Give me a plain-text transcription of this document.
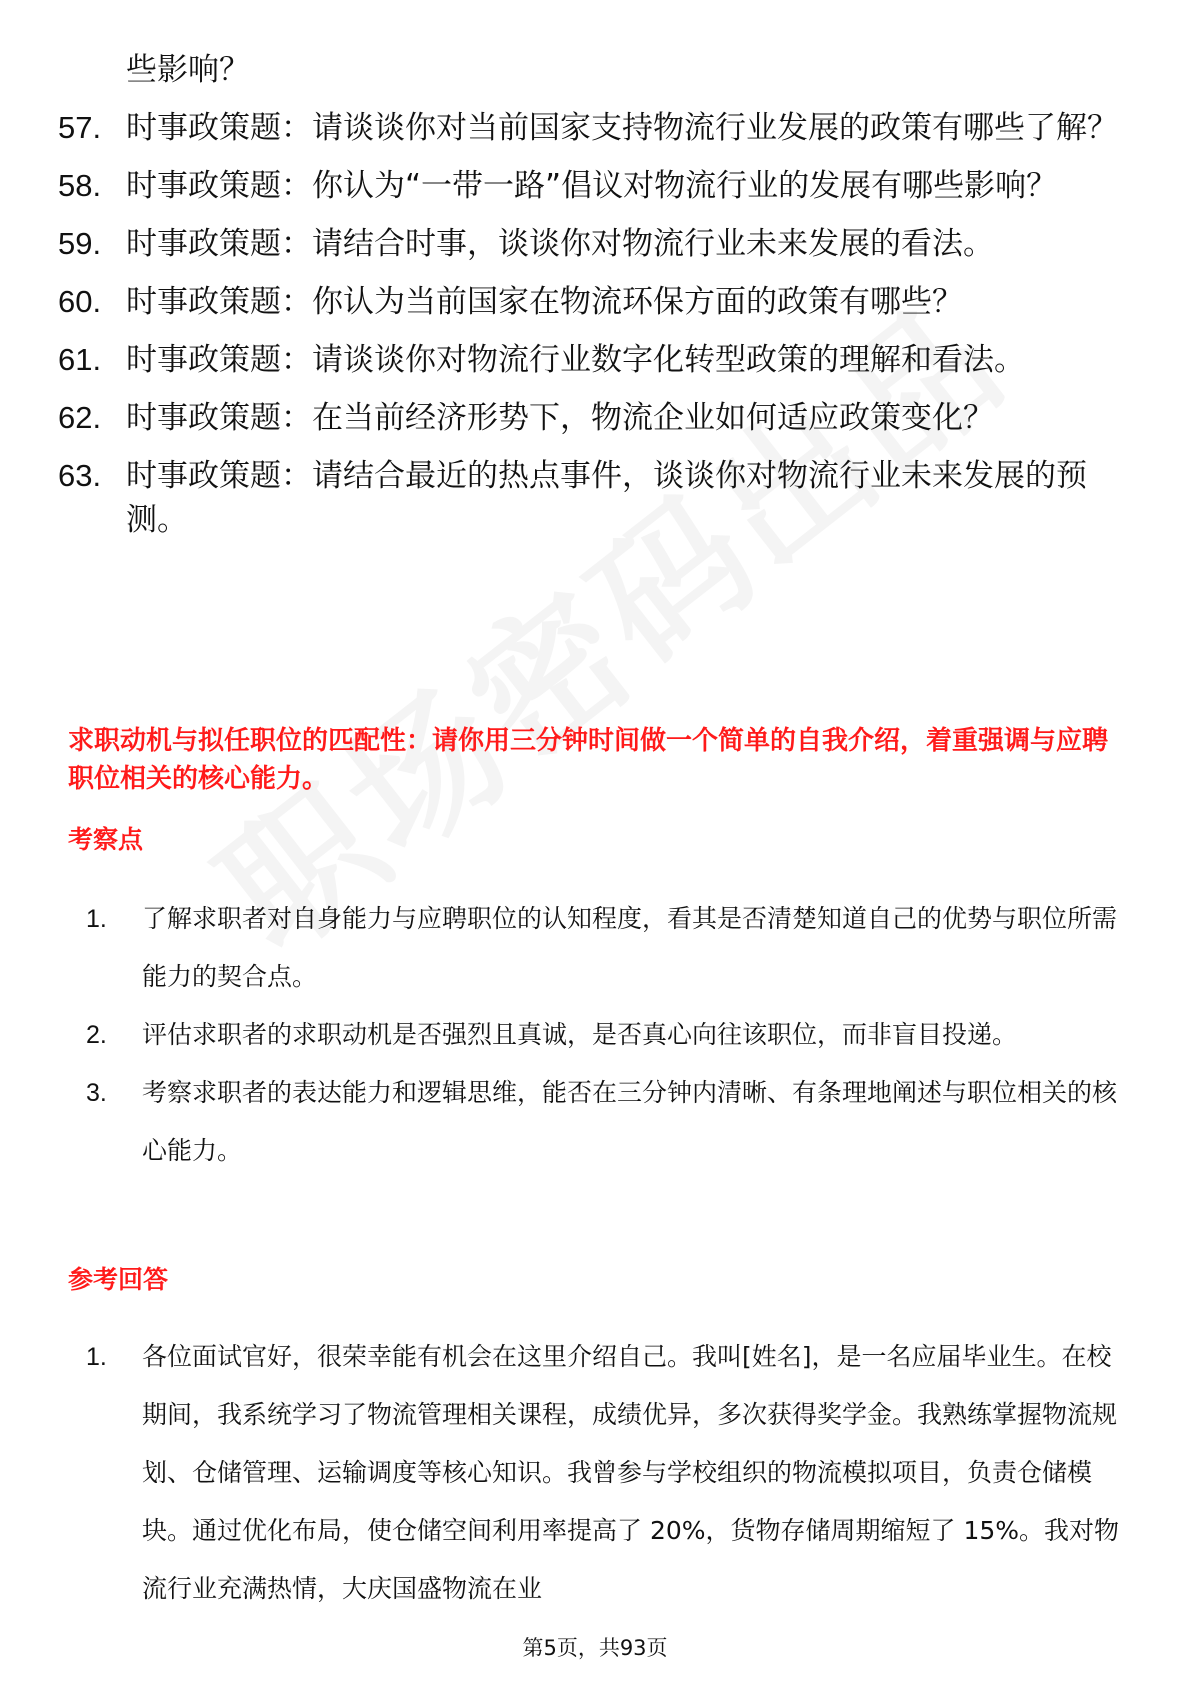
些影响？
57. 时事政策题：请谈谈你对当前国家支持物流行业发展的政策有哪些了解？
58. 时事政策题：你认为“一带一路”倡议对物流行业的发展有哪些影响？
59. 时事政策题：请结合时事，谈谈你对物流行业未来发展的看法。
60. 时事政策题：你认为当前国家在物流环保方面的政策有哪些？
61. 时事政策题：请谈谈你对物流行业数字化转型政策的理解和看法。
62. 时事政策题：在当前经济形势下，物流企业如何适应政策变化？
63. 时事政策题：请结合最近的热点事件，谈谈你对物流行业未来发展的预测。
求职动机与拟任职位的匹配性：请你用三分钟时间做一个简单的自我介绍，着重强调与应聘职位相关的核心能力。
考察点
1.	了解求职者对自身能力与应聘职位的认知程度，看其是否清楚知道自己的优势与职位所需能力的契合点。
2.	评估求职者的求职动机是否强烈且真诚，是否真心向往该职位，而非盲目投递。
3.	考察求职者的表达能力和逻辑思维，能否在三分钟内清晰、有条理地阐述与职位相关的核心能力。
参考回答
1.	各位面试官好，很荣幸能有机会在这里介绍自己。我叫[姓名]，是一名应届毕业生。在校期间，我系统学习了物流管理相关课程，成绩优异，多次获得奖学金。我熟练掌握物流规划、仓储管理、运输调度等核心知识。我曾参与学校组织的物流模拟项目，负责仓储模块。通过优化布局，使仓储空间利用率提高了 20%，货物存储周期缩短了 15%。我对物流行业充满热情，大庆国盛物流在业
第5页，共93页
